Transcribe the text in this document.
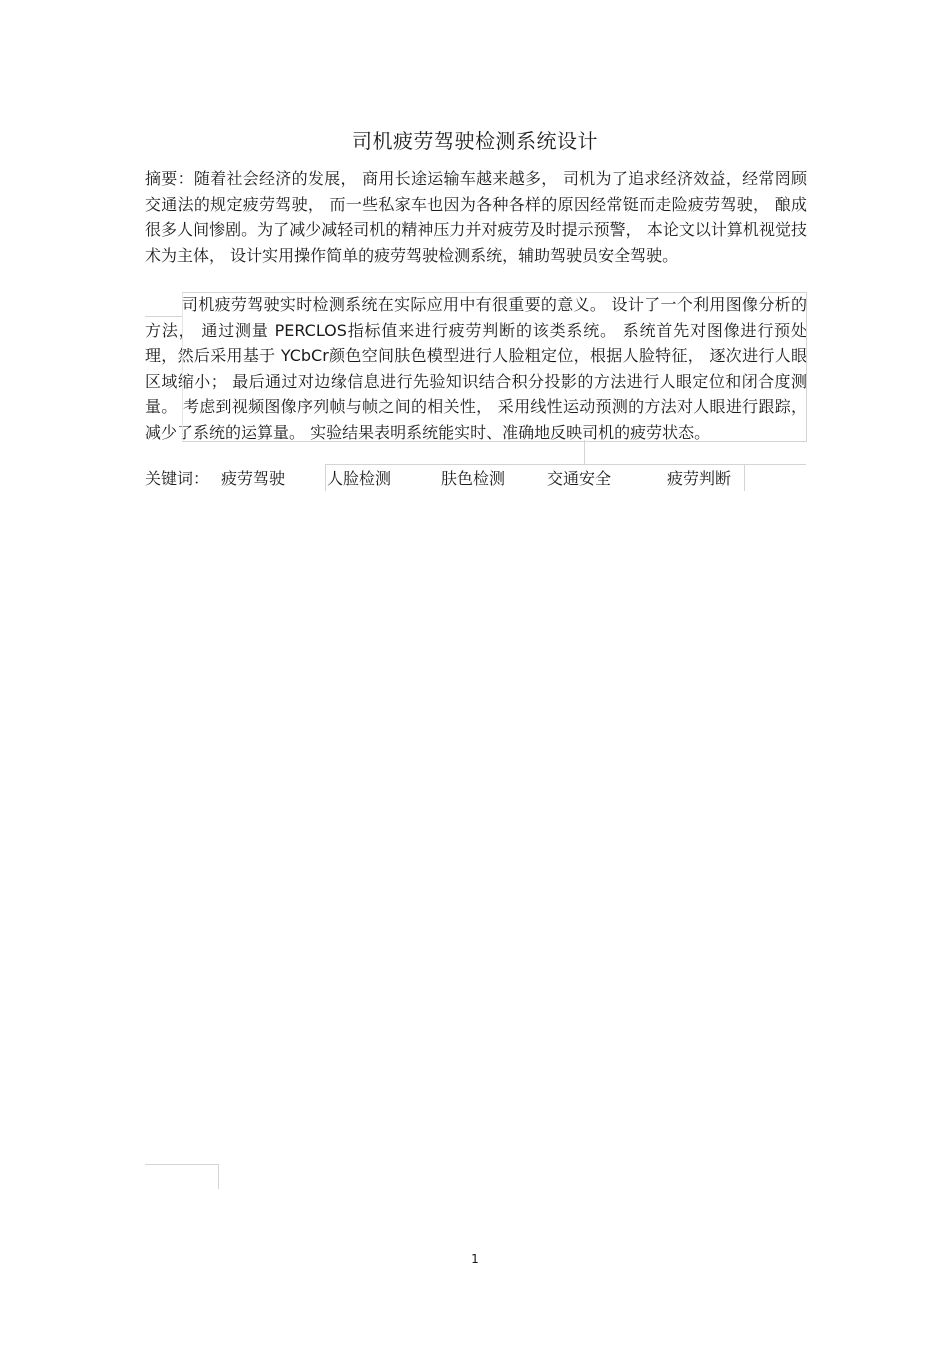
司机疲劳驾驶检测系统设计
摘要：随着社会经济的发展， 商用长途运输车越来越多， 司机为了追求经济效益，经常罔顾交通法的规定疲劳驾驶， 而一些私家车也因为各种各样的原因经常铤而走险疲劳驾驶， 酿成很多人间惨剧。为了减少减轻司机的精神压力并对疲劳及时提示预警， 本论文以计算机视觉技术为主体， 设计实用操作简单的疲劳驾驶检测系统，辅助驾驶员安全驾驶。
司机疲劳驾驶实时检测系统在实际应用中有很重要的意义。 设计了一个利用图像分析的方法， 通过测量 PERCLOS指标值来进行疲劳判断的该类系统。 系统首先对图像进行预处理，然后采用基于 YCbCr颜色空间肤色模型进行人脸粗定位，根据人脸特征， 逐次进行人眼区域缩小； 最后通过对边缘信息进行先验知识结合积分投影的方法进行人眼定位和闭合度测量。 考虑到视频图像序列帧与帧之间的相关性， 采用线性运动预测的方法对人眼进行跟踪， 减少了系统的运算量。 实验结果表明系统能实时、准确地反映司机的疲劳状态。
关键词： 疲劳驾驶	人脸检测	肤色检测	交通安全	疲劳判断
1
